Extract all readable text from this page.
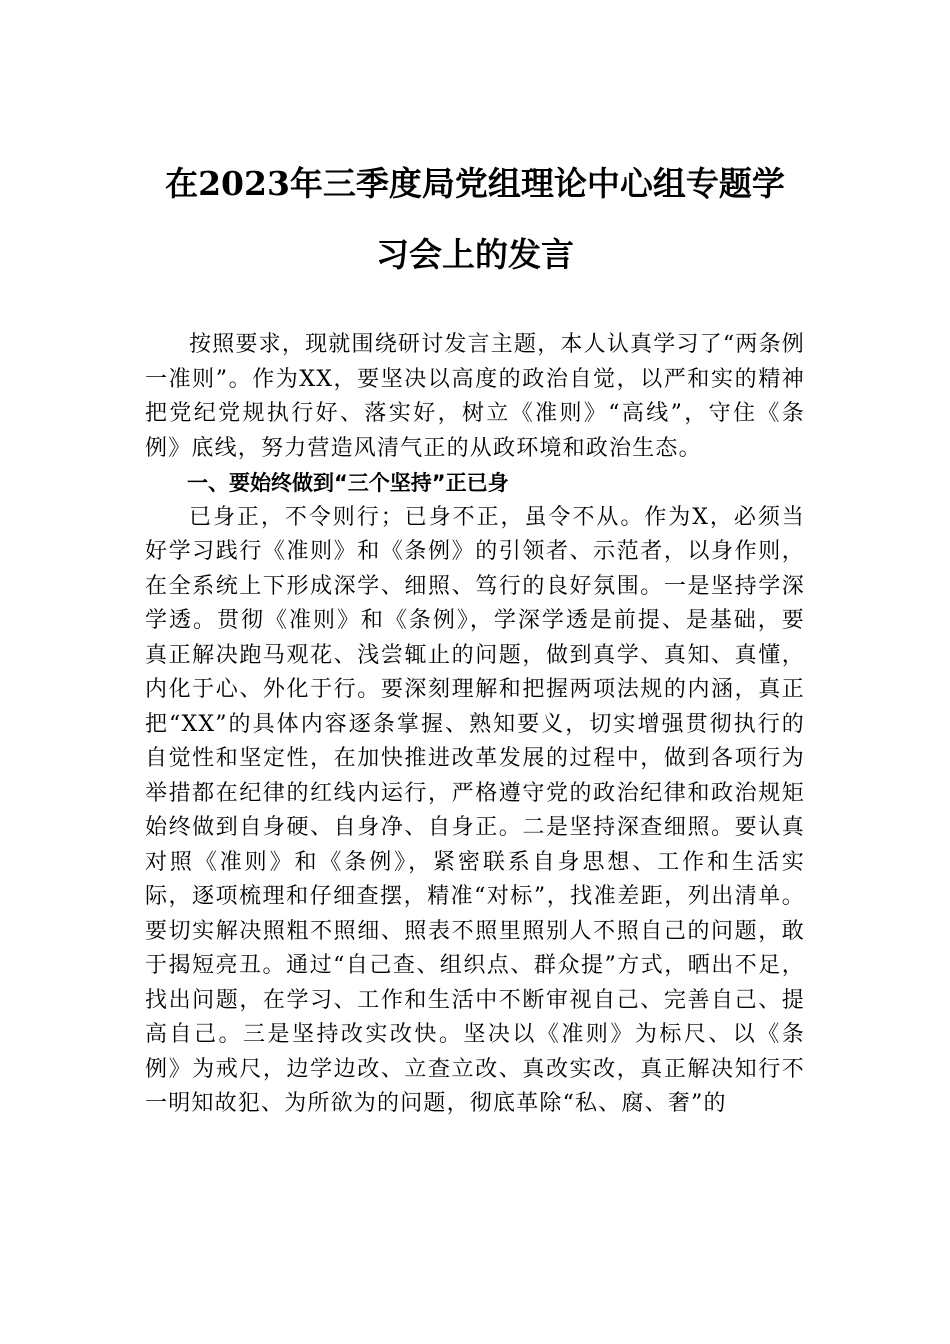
在2023年三季度局党组理论中心组专题学
习会上的发言

按照要求，现就围绕研讨发言主题，本人认真学习了“两条例一准则”。作为XX，要坚决以高度的政治自觉，以严和实的精神把党纪党规执行好、落实好，树立《准则》“高线”，守住《条例》底线，努力营造风清气正的从政环境和政治生态。

一、要始终做到“三个坚持”正已身

已身正，不令则行；已身不正，虽令不从。作为X，必须当好学习践行《准则》和《条例》的引领者、示范者，以身作则，在全系统上下形成深学、细照、笃行的良好氛围。一是坚持学深学透。贯彻《准则》和《条例》，学深学透是前提、是基础，要真正解决跑马观花、浅尝辄止的问题，做到真学、真知、真懂，内化于心、外化于行。要深刻理解和把握两项法规的内涵，真正把“XX”的具体内容逐条掌握、熟知要义，切实增强贯彻执行的自觉性和坚定性，在加快推进改革发展的过程中，做到各项行为举措都在纪律的红线内运行，严格遵守党的政治纪律和政治规矩始终做到自身硬、自身净、自身正。二是坚持深查细照。要认真对照《准则》和《条例》，紧密联系自身思想、工作和生活实际，逐项梳理和仔细查摆，精准“对标”，找准差距，列出清单。要切实解决照粗不照细、照表不照里照别人不照自己的问题，敢于揭短亮丑。通过“自己查、组织点、群众提”方式，晒出不足，找出问题，在学习、工作和生活中不断审视自己、完善自己、提高自己。三是坚持改实改快。坚决以《准则》为标尺、以《条例》为戒尺，边学边改、立查立改、真改实改，真正解决知行不一明知故犯、为所欲为的问题，彻底革除“私、腐、奢”的
